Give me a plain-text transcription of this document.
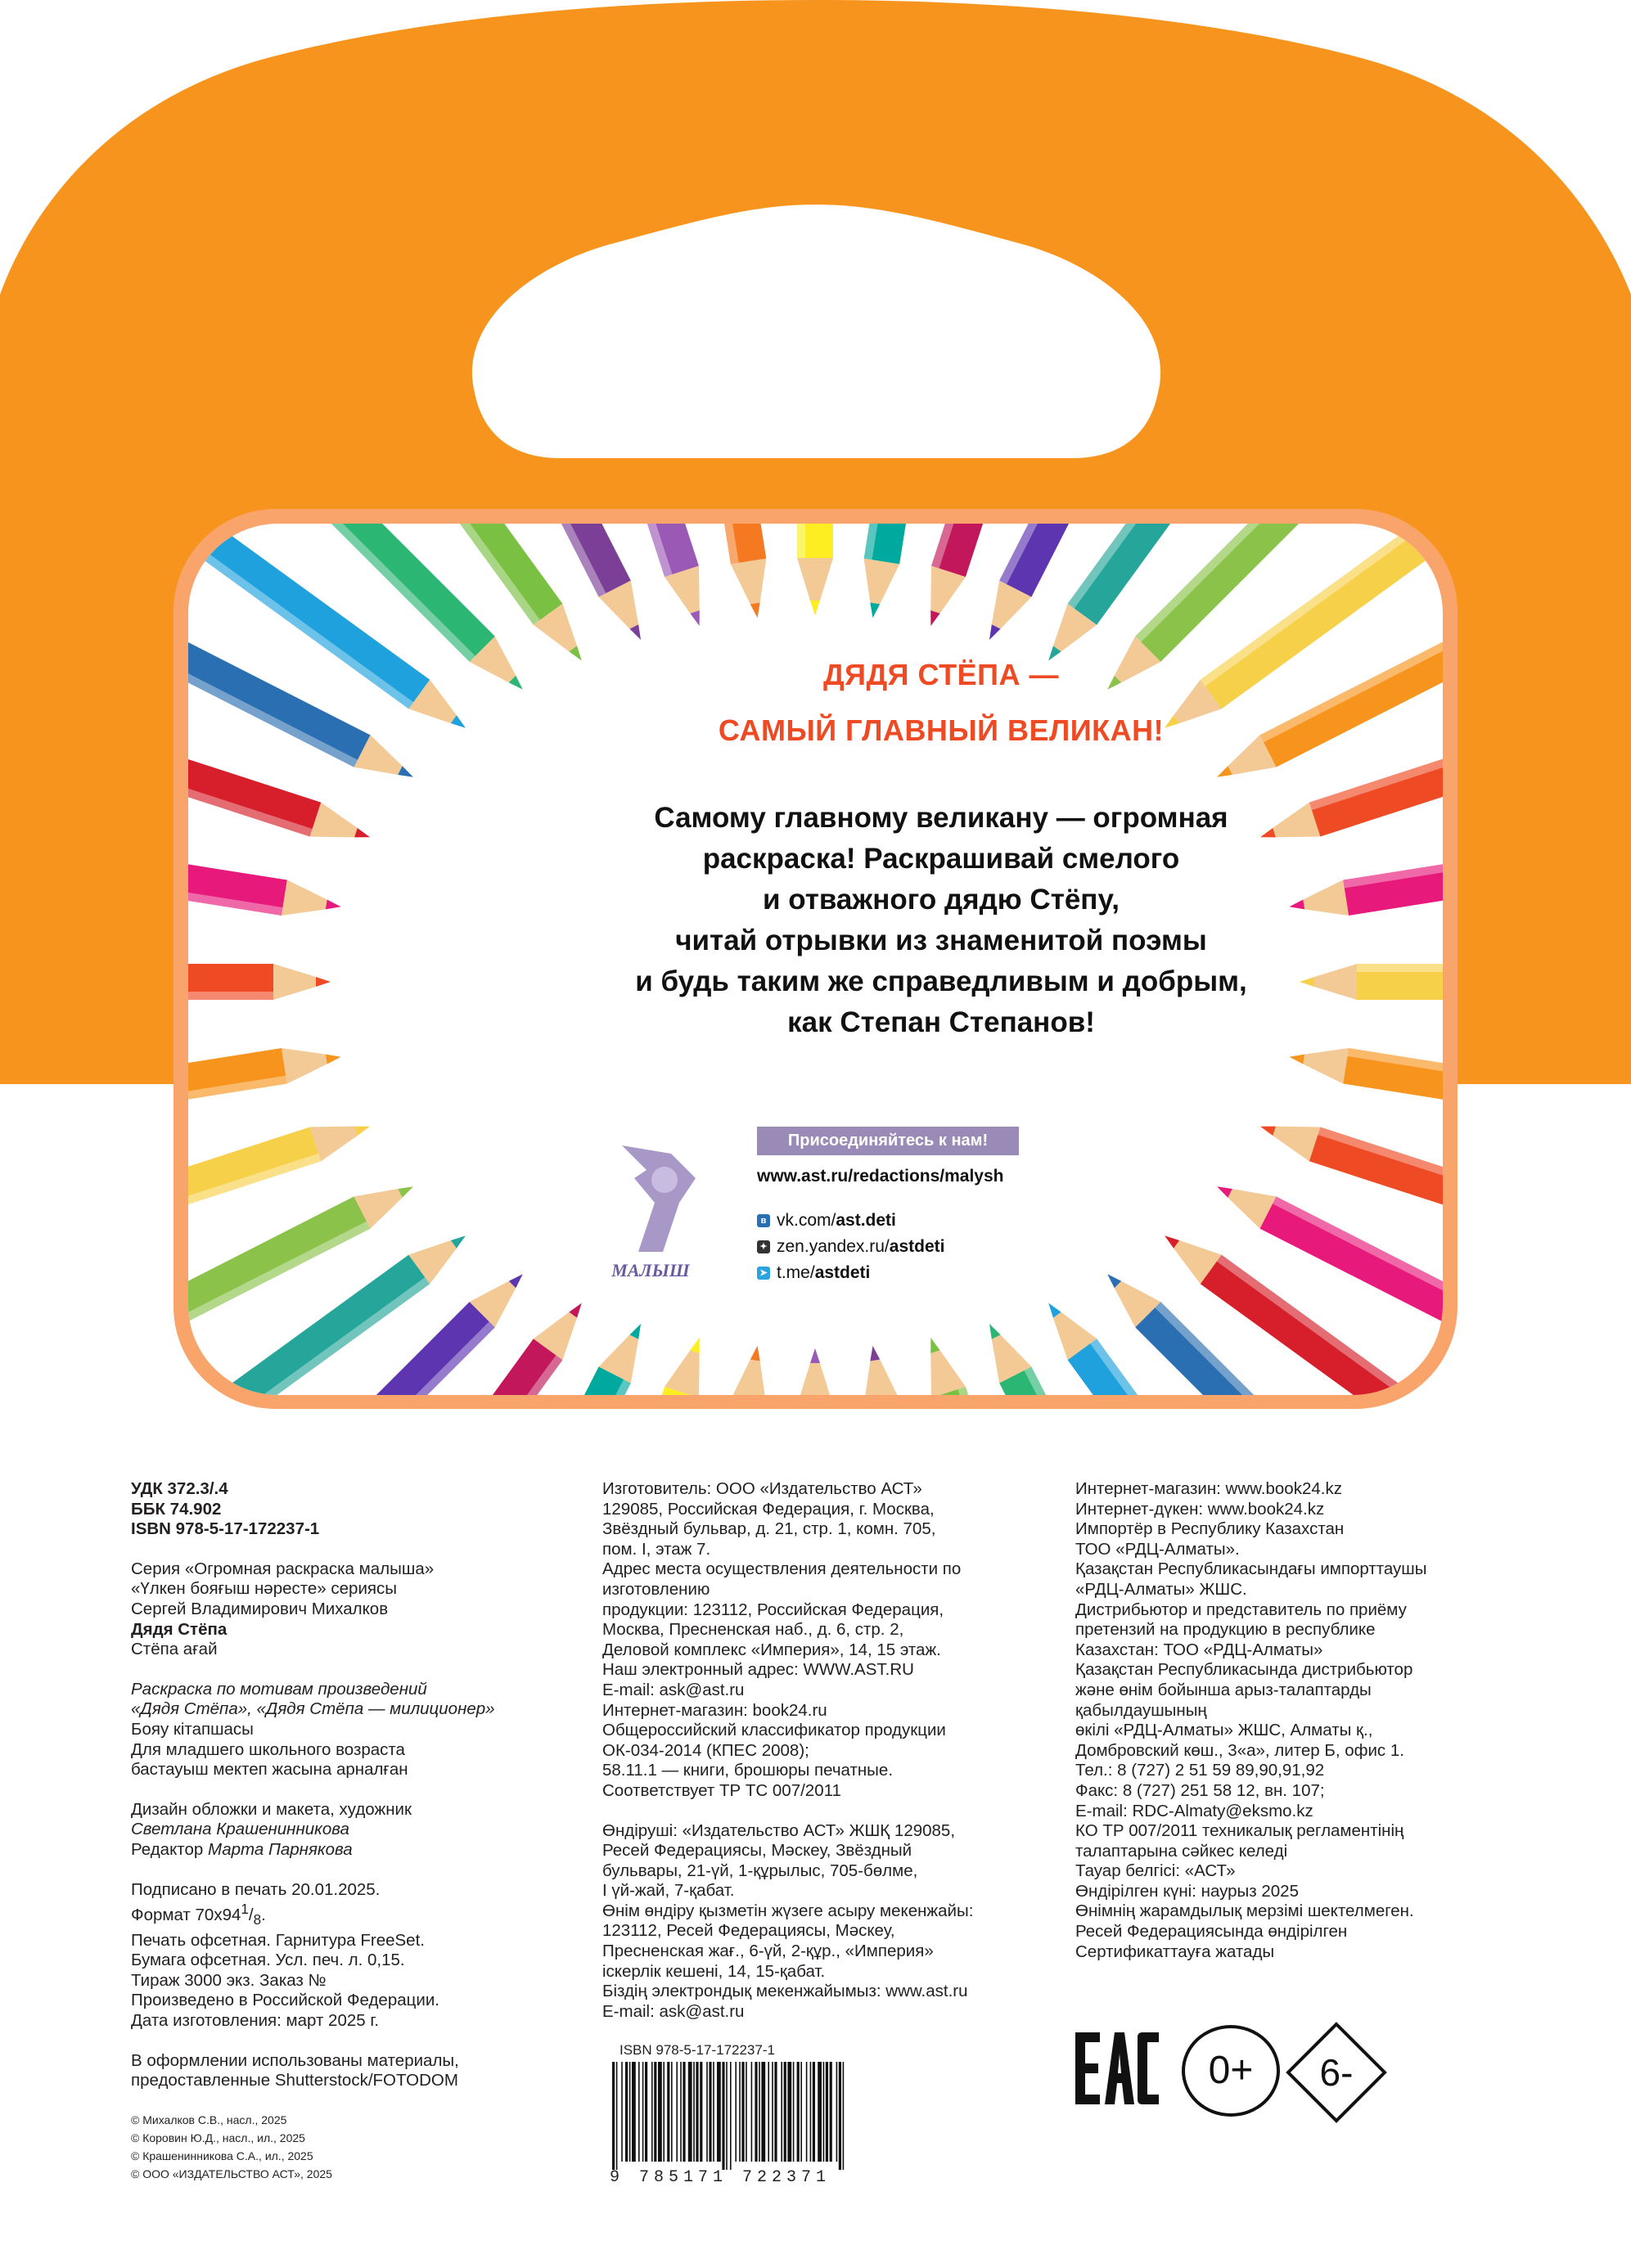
ДЯДЯ СТЁПА —
САМЫЙ ГЛАВНЫЙ ВЕЛИКАН!
Самому главному великану — огромная
раскраска! Раскрашивай смелого
и отважного дядю Стёпу,
читай отрывки из знаменитой поэмы
и будь таким же справедливым и добрым,
как Степан Степанов!
МАЛЫШ
Присоединяйтесь к нам!
www.ast.ru/redactions/malysh
в vk.com/ ast.deti
✦ zen.yandex.ru/ astdeti
➤ t.me/ astdeti
УДК 372.3/.4
ББК 74.902
ISBN 978-5-17-172237-1
Серия «Огромная раскраска малыша»
«Үлкен бояғыш нәресте» сериясы
Сергей Владимирович Михалков
Дядя Стёпа
Стёпа ағай
Раскраска по мотивам произведений
«Дядя Стёпа», «Дядя Стёпа — милиционер»
Бояу кітапшасы
Для младшего школьного возраста
бастауыш мектеп жасына арналған
Дизайн обложки и макета, художник
Светлана Крашенинникова
Редактор Марта Парнякова
Подписано в печать 20.01.2025.
Формат $70х94^1/_8$.
Печать офсетная. Гарнитура FreeSet.
Бумага офсетная. Усл. печ. л. 0,15.
Тираж 3000 экз. Заказ №
Произведено в Российской Федерации.
Дата изготовления: март 2025 г.
В оформлении использованы материалы,
предоставленные Shutterstock/FOTODOM
© Михалков С.В., насл., 2025
© Коровин Ю.Д., насл., ил., 2025
© Крашенинникова С.А., ил., 2025
© ООО «ИЗДАТЕЛЬСТВО АСТ», 2025
Изготовитель: ООО «Издательство АСТ»
129085, Российская Федерация, г. Москва,
Звёздный бульвар, д. 21, стр. 1, комн. 705,
пом. I, этаж 7.
Адрес места осуществления деятельности по
изготовлению
продукции: 123112, Российская Федерация,
Москва, Пресненская наб., д. 6, стр. 2,
Деловой комплекс «Империя», 14, 15 этаж.
Наш электронный адрес: WWW.AST.RU
E-mail: ask@ast.ru
Интернет-магазин: book24.ru
Общероссийский классификатор продукции
ОК-034-2014 (КПЕС 2008);
58.11.1 — книги, брошюры печатные.
Соответствует ТР ТС 007/2011
Өндіруші: «Издательство АСТ» ЖШҚ 129085,
Ресей Федерациясы, Мәскеу, Звёздный
бульвары, 21-үй, 1-құрылыс, 705-бөлме,
I үй-жай, 7-қабат.
Өнім өндіру қызметін жүзеге асыру мекенжайы:
123112, Ресей Федерациясы, Мәскеу,
Пресненская жағ., 6-үй, 2-құр., «Империя»
іскерлік кешені, 14, 15-қабат.
Біздің электрондық мекенжайымыз: www.ast.ru
E-mail: ask@ast.ru
ISBN 978-5-17-172237-1
9 785171 722371
Интернет-магазин: www.book24.kz
Интернет-дүкен: www.book24.kz
Импортёр в Республику Казахстан
ТОО «РДЦ-Алматы».
Қазақстан Республикасындағы импорттаушы
«РДЦ-Алматы» ЖШС.
Дистрибьютор и представитель по приёму
претензий на продукцию в республике
Казахстан: ТОО «РДЦ-Алматы»
Қазақстан Республикасында дистрибьютор
және өнім бойынша арыз-талаптарды
қабылдаушының
өкілі «РДЦ-Алматы» ЖШС, Алматы қ.,
Домбровский көш., 3«а», литер Б, офис 1.
Тел.: 8 (727) 2 51 59 89,90,91,92
Факс: 8 (727) 251 58 12, вн. 107;
E-mail: RDC-Almaty@eksmo.kz
КО ТР 007/2011 техникалық регламентінің
талаптарына сәйкес келеді
Тауар белгісі: «АСТ»
Өндірілген күні: наурыз 2025
Өнімнің жарамдылық мерзімі шектелмеген.
Ресей Федерациясында өндірілген
Сертификаттауға жатады
0+	6-
